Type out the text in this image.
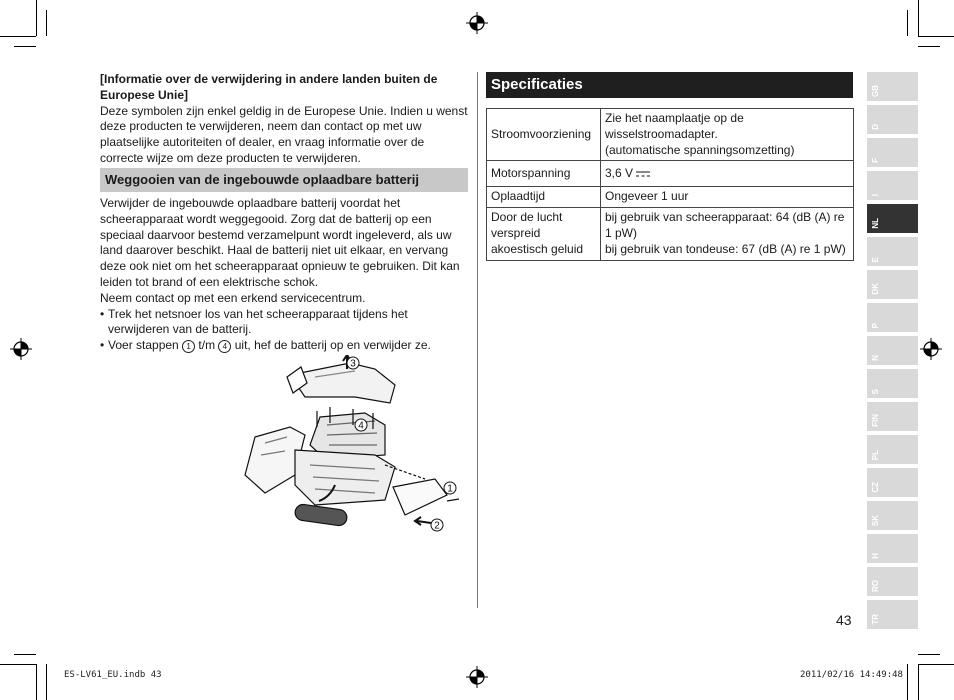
[Informatie over de verwijdering in andere landen buiten de Europese Unie]

Deze symbolen zijn enkel geldig in de Europese Unie. Indien u wenst deze producten te verwijderen, neem dan contact op met uw plaatselijke autoriteiten of dealer, en vraag informatie over de correcte wijze om deze producten te verwijderen.

Weggooien van de ingebouwde oplaadbare batterij

Verwijder de ingebouwde oplaadbare batterij voordat het scheerapparaat wordt weggegooid. Zorg dat de batterij op een speciaal daarvoor bestemd verzamelpunt wordt ingeleverd, als uw land daarover beschikt. Haal de batterij niet uit elkaar, en vervang deze ook niet om het scheerapparaat opnieuw te gebruiken. Dit kan leiden tot brand of een elektrische schok.

Neem contact op met een erkend servicecentrum.

• Trek het netsnoer los van het scheerapparaat tijdens het verwijderen van de batterij.

• Voer stappen 1 t/m 4 uit, hef de batterij op en verwijder ze.

3
4
1
2
Specificaties
Stroomvoorziening	Zie het naamplaatje op de wisselstroomadapter.
(automatische spanningsomzetting)
Motorspanning	3,6 V
Oplaadtijd	Ongeveer 1 uur
Door de lucht verspreid akoestisch geluid	bij gebruik van scheerapparaat: 64 (dB (A) re 1 pW)
bij gebruik van tondeuse: 67 (dB (A) re 1 pW)
GB
D
F
I
NL
E
DK
P
N
S
FIN
PL
CZ
SK
H
RO
TR
43
ES-LV61_EU.indb 43	2011/02/16 14:49:48
